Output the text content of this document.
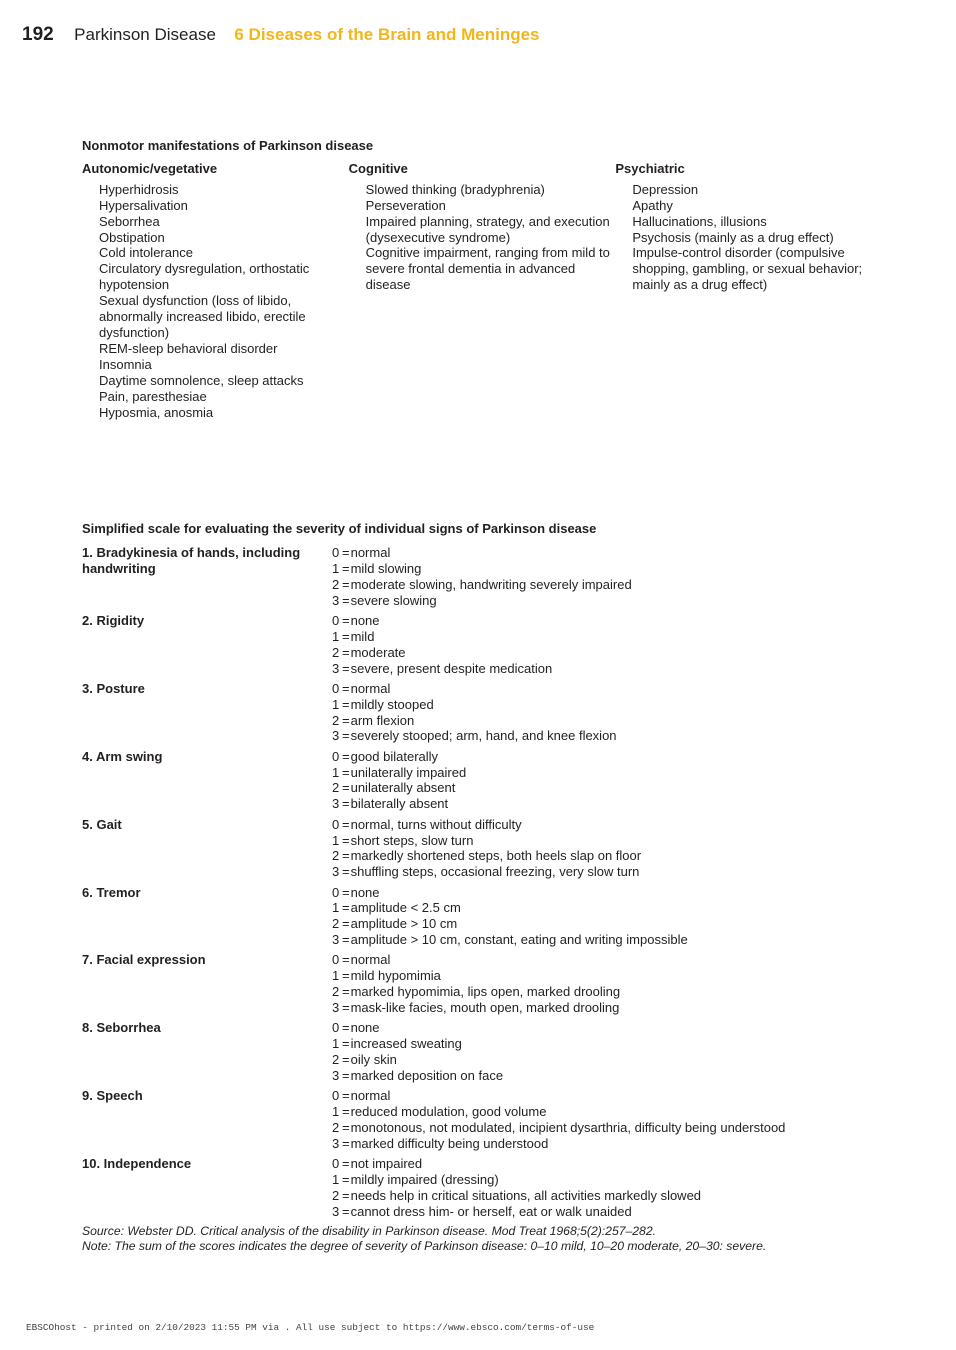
192 Parkinson Disease 6 Diseases of the Brain and Meninges
Nonmotor manifestations of Parkinson disease
Autonomic/vegetative
Hyperhidrosis
Hypersalivation
Seborrhea
Obstipation
Cold intolerance
Circulatory dysregulation, orthostatic hypotension
Sexual dysfunction (loss of libido, abnormally increased libido, erectile dysfunction)
REM-sleep behavioral disorder
Insomnia
Daytime somnolence, sleep attacks
Pain, paresthesiae
Hyposmia, anosmia
Cognitive
Slowed thinking (bradyphrenia)
Perseveration
Impaired planning, strategy, and execution (dysexecutive syndrome)
Cognitive impairment, ranging from mild to severe frontal dementia in advanced disease
Psychiatric
Depression
Apathy
Hallucinations, illusions
Psychosis (mainly as a drug effect)
Impulse-control disorder (compulsive shopping, gambling, or sexual behavior; mainly as a drug effect)
Simplified scale for evaluating the severity of individual signs of Parkinson disease
1. Bradykinesia of hands, including handwriting
0 =normal
1 =mild slowing
2 =moderate slowing, handwriting severely impaired
3 =severe slowing
2. Rigidity	0 =none
1 =mild
2 =moderate
3 =severe, present despite medication
3. Posture	0 =normal
1 =mildly stooped
2 =arm flexion
3 =severely stooped; arm, hand, and knee flexion
4. Arm swing	0 =good bilaterally
1 =unilaterally impaired
2 =unilaterally absent
3 =bilaterally absent
5. Gait	0 =normal, turns without difficulty
1 =short steps, slow turn
2 =markedly shortened steps, both heels slap on floor
3 =shuffling steps, occasional freezing, very slow turn
6. Tremor	0 =none
1 =amplitude < 2.5 cm
2 =amplitude > 10 cm
3 =amplitude > 10 cm, constant, eating and writing impossible
7. Facial expression	0 =normal
1 =mild hypomimia
2 =marked hypomimia, lips open, marked drooling
3 =mask-like facies, mouth open, marked drooling
8. Seborrhea	0 =none
1 =increased sweating
2 =oily skin
3 =marked deposition on face
9. Speech	0 =normal
1 =reduced modulation, good volume
2 =monotonous, not modulated, incipient dysarthria, difficulty being understood
3 =marked difficulty being understood
10. Independence	0 =not impaired
1 =mildly impaired (dressing)
2 =needs help in critical situations, all activities markedly slowed
3 =cannot dress him- or herself, eat or walk unaided
Source: Webster DD. Critical analysis of the disability in Parkinson disease. Mod Treat 1968;5(2):257–282.
Note: The sum of the scores indicates the degree of severity of Parkinson disease: 0–10 mild, 10–20 moderate, 20–30: severe.
EBSCOhost - printed on 2/10/2023 11:55 PM via . All use subject to https://www.ebsco.com/terms-of-use
